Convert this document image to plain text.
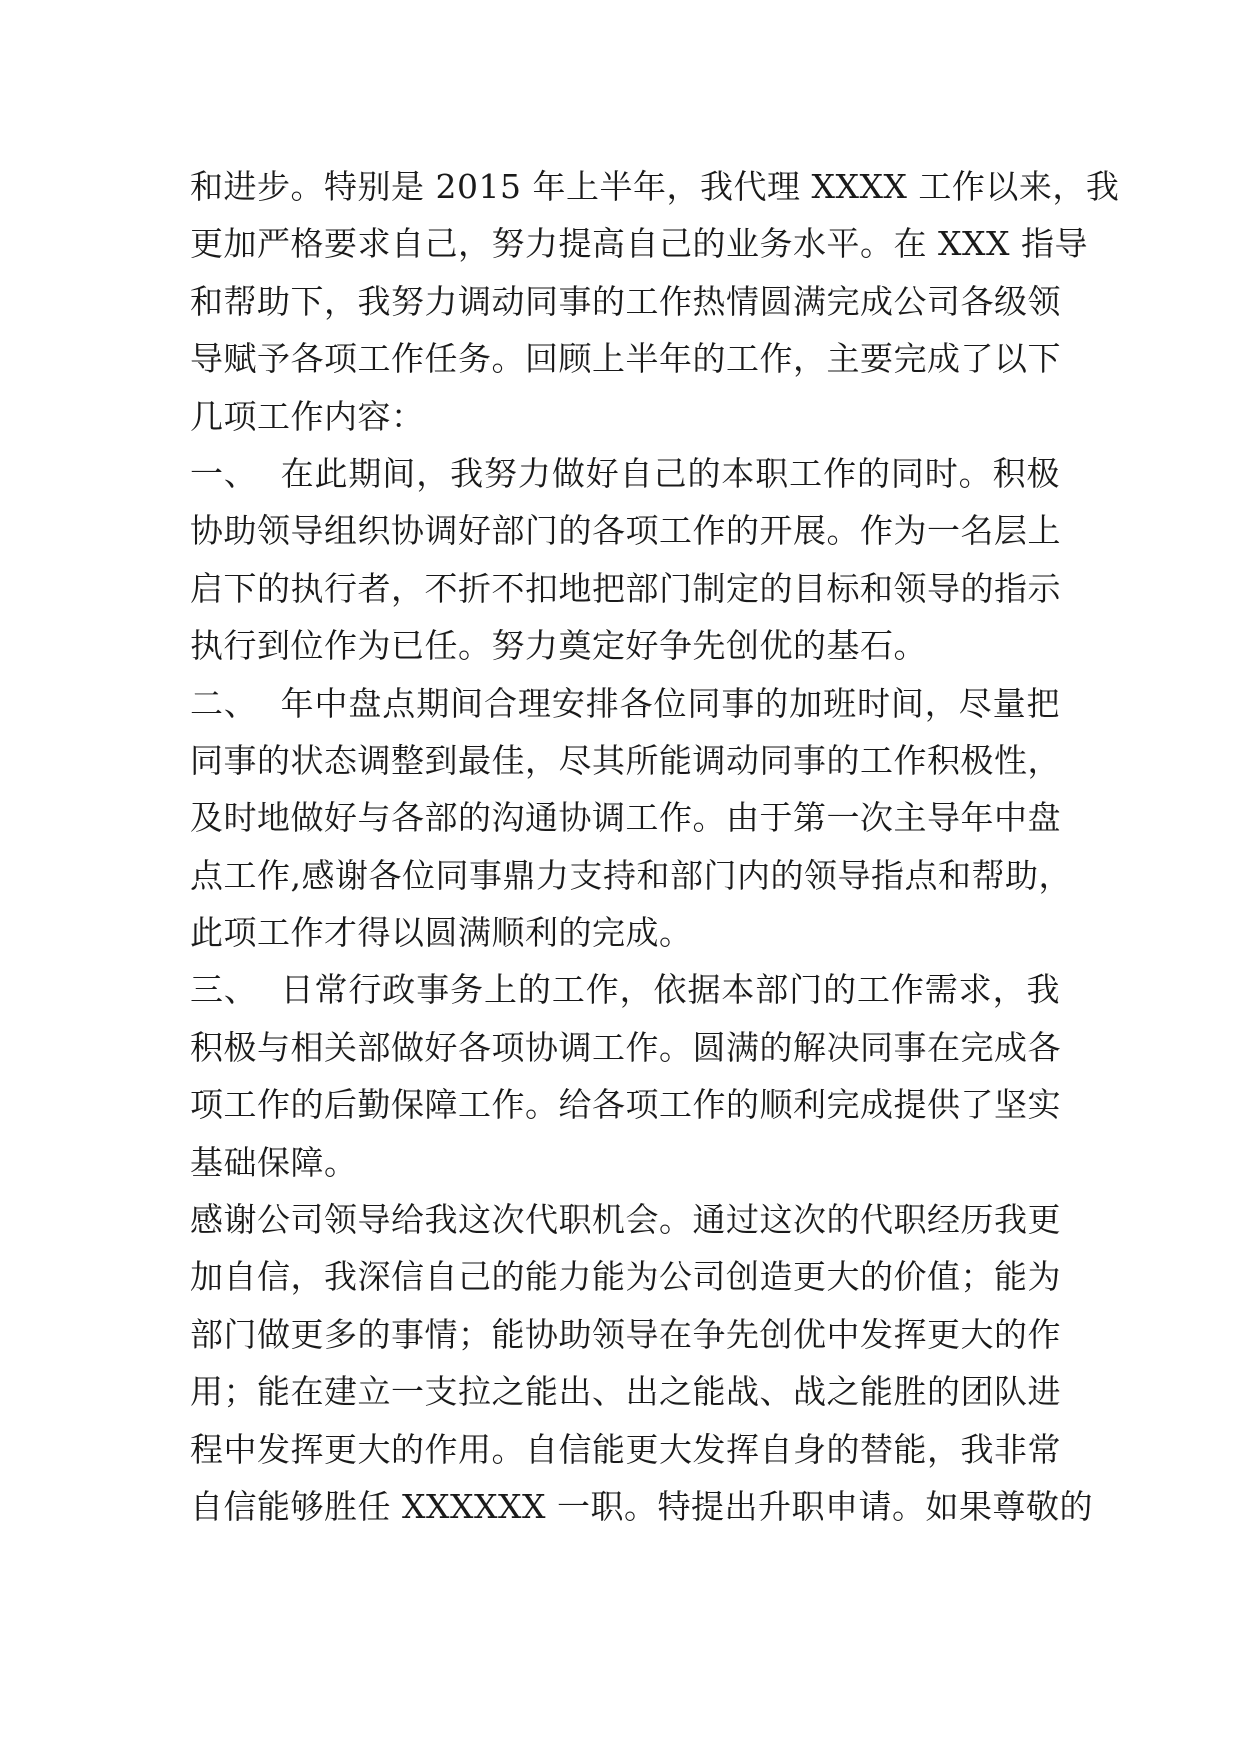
和进步。特别是 2015 年上半年，我代理 XXXX 工作以来，我
更加严格要求自己，努力提高自己的业务水平。在 XXX 指导
和帮助下，我努力调动同事的工作热情圆满完成公司各级领
导赋予各项工作任务。回顾上半年的工作，主要完成了以下
几项工作内容：
一、  在此期间，我努力做好自己的本职工作的同时。积极
协助领导组织协调好部门的各项工作的开展。作为一名层上
启下的执行者，不折不扣地把部门制定的目标和领导的指示
执行到位作为已任。努力奠定好争先创优的基石。
二、  年中盘点期间合理安排各位同事的加班时间，尽量把
同事的状态调整到最佳，尽其所能调动同事的工作积极性，
及时地做好与各部的沟通协调工作。由于第一次主导年中盘
点工作,感谢各位同事鼎力支持和部门内的领导指点和帮助，
此项工作才得以圆满顺利的完成。
三、  日常行政事务上的工作，依据本部门的工作需求，我
积极与相关部做好各项协调工作。圆满的解决同事在完成各
项工作的后勤保障工作。给各项工作的顺利完成提供了坚实
基础保障。
感谢公司领导给我这次代职机会。通过这次的代职经历我更
加自信，我深信自己的能力能为公司创造更大的价值；能为
部门做更多的事情；能协助领导在争先创优中发挥更大的作
用；能在建立一支拉之能出、出之能战、战之能胜的团队进
程中发挥更大的作用。自信能更大发挥自身的替能，我非常
自信能够胜任 XXXXXX 一职。特提出升职申请。如果尊敬的
